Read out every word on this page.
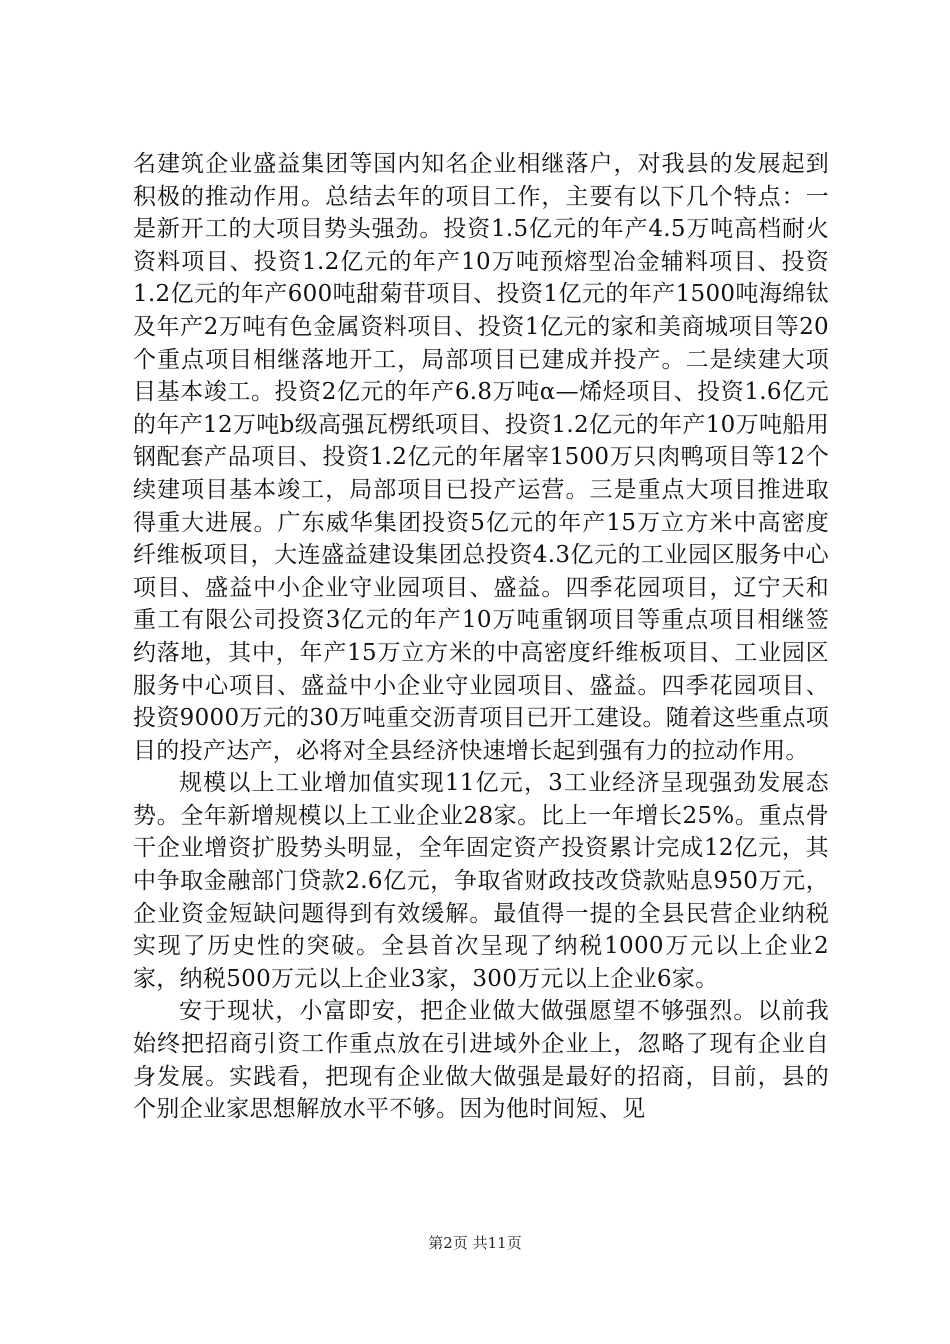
名建筑企业盛益集团等国内知名企业相继落户，对我县的发展起到积极的推动作用。总结去年的项目工作，主要有以下几个特点：一是新开工的大项目势头强劲。投资1.5亿元的年产4.5万吨高档耐火资料项目、投资1.2亿元的年产10万吨预熔型冶金辅料项目、投资1.2亿元的年产600吨甜菊苷项目、投资1亿元的年产1500吨海绵钛及年产2万吨有色金属资料项目、投资1亿元的家和美商城项目等20个重点项目相继落地开工，局部项目已建成并投产。二是续建大项目基本竣工。投资2亿元的年产6.8万吨α—烯烃项目、投资1.6亿元的年产12万吨b级高强瓦楞纸项目、投资1.2亿元的年产10万吨船用钢配套产品项目、投资1.2亿元的年屠宰1500万只肉鸭项目等12个续建项目基本竣工，局部项目已投产运营。三是重点大项目推进取得重大进展。广东威华集团投资5亿元的年产15万立方米中高密度纤维板项目，大连盛益建设集团总投资4.3亿元的工业园区服务中心项目、盛益中小企业守业园项目、盛益。四季花园项目，辽宁天和重工有限公司投资3亿元的年产10万吨重钢项目等重点项目相继签约落地，其中，年产15万立方米的中高密度纤维板项目、工业园区服务中心项目、盛益中小企业守业园项目、盛益。四季花园项目、投资9000万元的30万吨重交沥青项目已开工建设。随着这些重点项目的投产达产，必将对全县经济快速增长起到强有力的拉动作用。

规模以上工业增加值实现11亿元，3工业经济呈现强劲发展态势。全年新增规模以上工业企业28家。比上一年增长25%。重点骨干企业增资扩股势头明显，全年固定资产投资累计完成12亿元，其中争取金融部门贷款2.6亿元，争取省财政技改贷款贴息950万元，企业资金短缺问题得到有效缓解。最值得一提的全县民营企业纳税实现了历史性的突破。全县首次呈现了纳税1000万元以上企业2家，纳税500万元以上企业3家，300万元以上企业6家。

安于现状，小富即安，把企业做大做强愿望不够强烈。以前我始终把招商引资工作重点放在引进域外企业上，忽略了现有企业自身发展。实践看，把现有企业做大做强是最好的招商，目前，县的个别企业家思想解放水平不够。因为他时间短、见

第2页 共11页
